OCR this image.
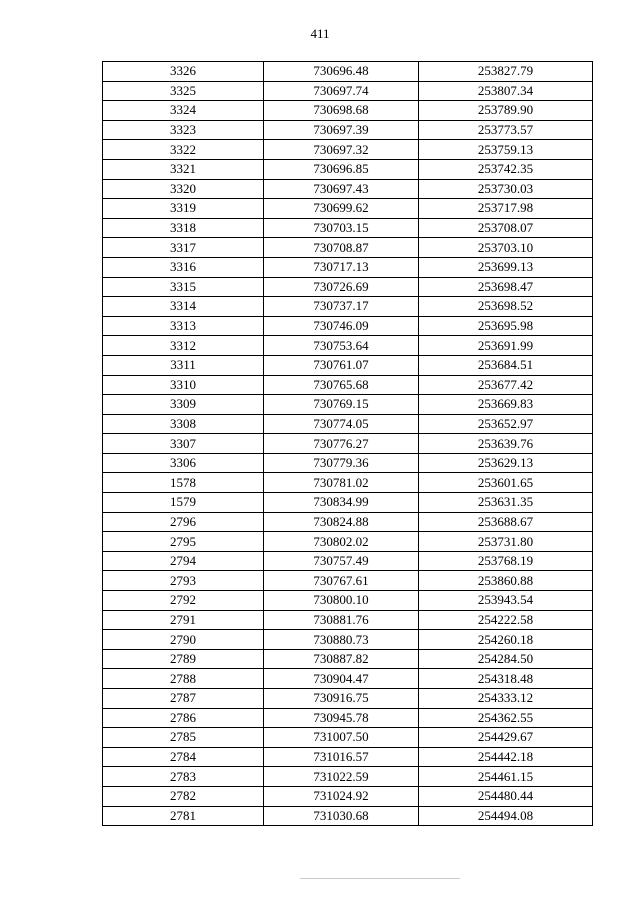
411
3326	730696.48	253827.79
3325	730697.74	253807.34
3324	730698.68	253789.90
3323	730697.39	253773.57
3322	730697.32	253759.13
3321	730696.85	253742.35
3320	730697.43	253730.03
3319	730699.62	253717.98
3318	730703.15	253708.07
3317	730708.87	253703.10
3316	730717.13	253699.13
3315	730726.69	253698.47
3314	730737.17	253698.52
3313	730746.09	253695.98
3312	730753.64	253691.99
3311	730761.07	253684.51
3310	730765.68	253677.42
3309	730769.15	253669.83
3308	730774.05	253652.97
3307	730776.27	253639.76
3306	730779.36	253629.13
1578	730781.02	253601.65
1579	730834.99	253631.35
2796	730824.88	253688.67
2795	730802.02	253731.80
2794	730757.49	253768.19
2793	730767.61	253860.88
2792	730800.10	253943.54
2791	730881.76	254222.58
2790	730880.73	254260.18
2789	730887.82	254284.50
2788	730904.47	254318.48
2787	730916.75	254333.12
2786	730945.78	254362.55
2785	731007.50	254429.67
2784	731016.57	254442.18
2783	731022.59	254461.15
2782	731024.92	254480.44
2781	731030.68	254494.08
